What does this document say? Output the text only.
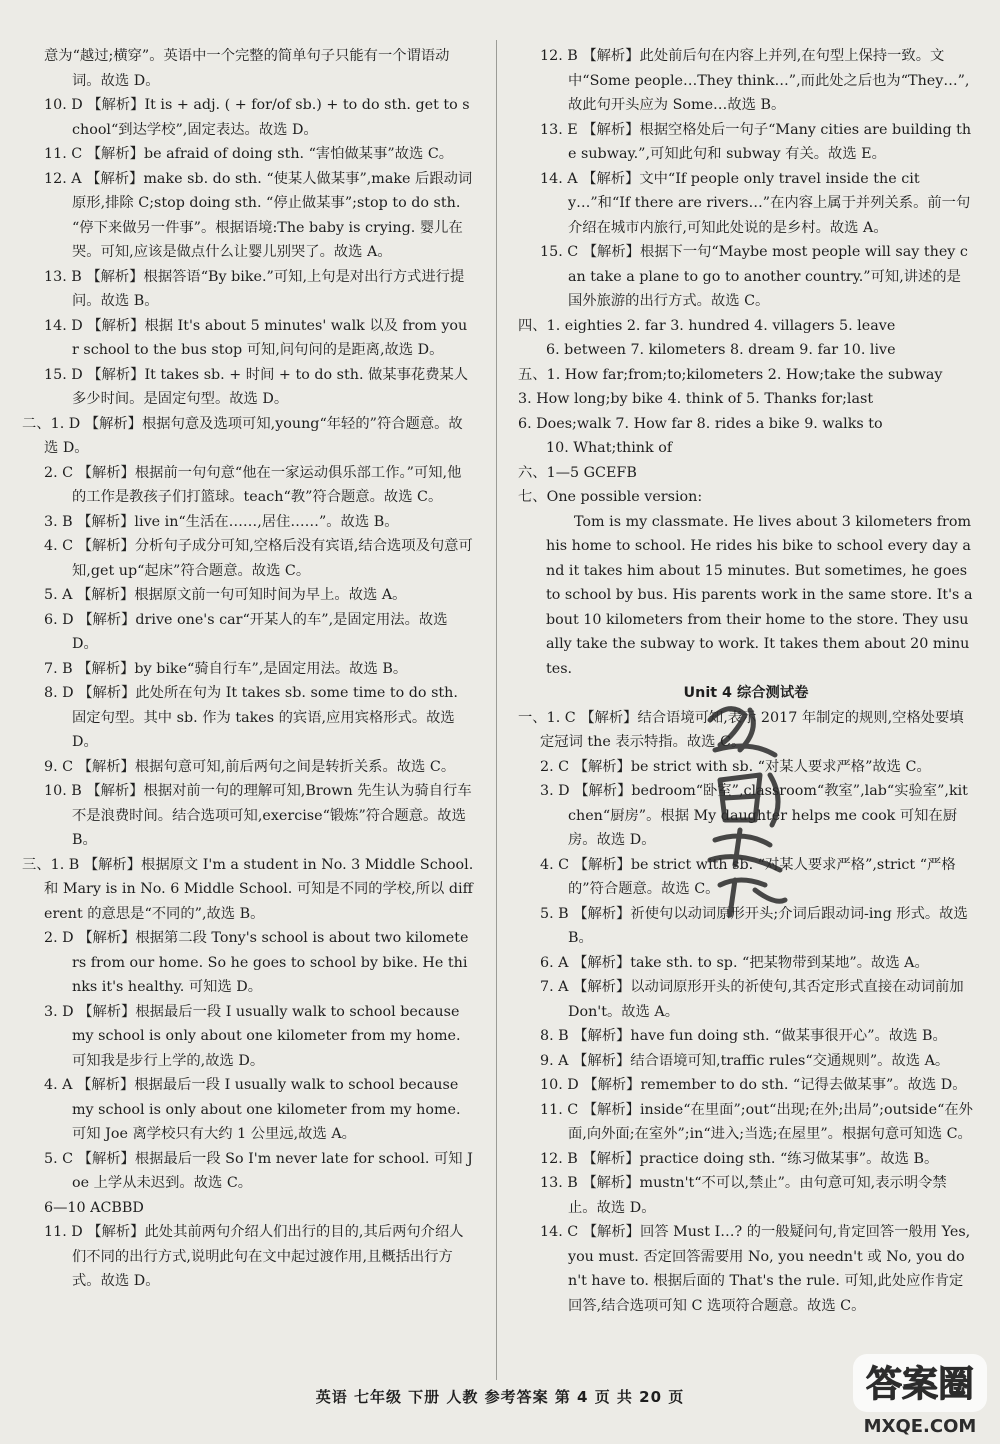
意为“越过;横穿”。英语中一个完整的简单句子只能有一个谓语动词。故选 D。

10. D 【解析】It is + adj. ( + for/of sb.) + to do sth. get to school“到达学校”,固定表达。故选 D。

11. C 【解析】be afraid of doing sth. “害怕做某事”故选 C。

12. A 【解析】make sb. do sth. “使某人做某事”,make 后跟动词原形,排除 C;stop doing sth. “停止做某事”;stop to do sth. “停下来做另一件事”。根据语境:The baby is crying. 婴儿在哭。可知,应该是做点什么让婴儿别哭了。故选 A。

13. B 【解析】根据答语“By bike.”可知,上句是对出行方式进行提问。故选 B。

14. D 【解析】根据 It's about 5 minutes' walk 以及 from your school to the bus stop 可知,问句问的是距离,故选 D。

15. D 【解析】It takes sb. + 时间 + to do sth. 做某事花费某人多少时间。是固定句型。故选 D。

二、1. D 【解析】根据句意及选项可知,young“年轻的”符合题意。故选 D。

2. C 【解析】根据前一句句意“他在一家运动俱乐部工作。”可知,他的工作是教孩子们打篮球。teach“教”符合题意。故选 C。

3. B 【解析】live in“生活在……,居住……”。故选 B。

4. C 【解析】分析句子成分可知,空格后没有宾语,结合选项及句意可知,get up“起床”符合题意。故选 C。

5. A 【解析】根据原文前一句可知时间为早上。故选 A。

6. D 【解析】drive one's car“开某人的车”,是固定用法。故选 D。

7. B 【解析】by bike“骑自行车”,是固定用法。故选 B。

8. D 【解析】此处所在句为 It takes sb. some time to do sth. 固定句型。其中 sb. 作为 takes 的宾语,应用宾格形式。故选 D。

9. C 【解析】根据句意可知,前后两句之间是转折关系。故选 C。

10. B 【解析】根据对前一句的理解可知,Brown 先生认为骑自行车不是浪费时间。结合选项可知,exercise“锻炼”符合题意。故选 B。

三、1. B 【解析】根据原文 I'm a student in No. 3 Middle School. 和 Mary is in No. 6 Middle School. 可知是不同的学校,所以 different 的意思是“不同的”,故选 B。

2. D 【解析】根据第二段 Tony's school is about two kilometers from our home. So he goes to school by bike. He thinks it's healthy. 可知选 D。

3. D 【解析】根据最后一段 I usually walk to school because my school is only about one kilometer from my home. 可知我是步行上学的,故选 D。

4. A 【解析】根据最后一段 I usually walk to school because my school is only about one kilometer from my home. 可知 Joe 离学校只有大约 1 公里远,故选 A。

5. C 【解析】根据最后一段 So I'm never late for school. 可知 Joe 上学从未迟到。故选 C。

6—10 ACBBD

11. D 【解析】此处其前两句介绍人们出行的目的,其后两句介绍人们不同的出行方式,说明此句在文中起过渡作用,且概括出行方式。故选 D。

12. B 【解析】此处前后句在内容上并列,在句型上保持一致。文中“Some people…They think…”,而此处之后也为“They…”,故此句开头应为 Some…故选 B。

13. E 【解析】根据空格处后一句子“Many cities are building the subway.”,可知此句和 subway 有关。故选 E。

14. A 【解析】文中“If people only travel inside the city…”和“If there are rivers…”在内容上属于并列关系。前一句介绍在城市内旅行,可知此处说的是乡村。故选 A。

15. C 【解析】根据下一句“Maybe most people will say they can take a plane to go to another country.”可知,讲述的是国外旅游的出行方式。故选 C。

四、1. eighties 2. far 3. hundred 4. villagers 5. leave

6. between 7. kilometers 8. dream 9. far 10. live

五、1. How far;from;to;kilometers 2. How;take the subway

3. How long;by bike 4. think of 5. Thanks for;last

6. Does;walk 7. How far 8. rides a bike 9. walks to

10. What;think of

六、1—5 GCEFB

七、One possible version:

Tom is my classmate. He lives about 3 kilometers from his home to school. He rides his bike to school every day and it takes him about 15 minutes. But sometimes, he goes to school by bus. His parents work in the same store. It's about 10 kilometers from their home to the store. They usually take the subway to work. It takes them about 20 minutes.

Unit 4 综合测试卷

一、1. C 【解析】结合语境可知,表示 2017 年制定的规则,空格处要填定冠词 the 表示特指。故选 C。

2. C 【解析】be strict with sb. “对某人要求严格”故选 C。

3. D 【解析】bedroom“卧室”,classroom“教室”,lab“实验室”,kitchen“厨房”。根据 My daughter helps me cook 可知在厨房。故选 D。

4. C 【解析】be strict with sb. “对某人要求严格”,strict “严格的”符合题意。故选 C。

5. B 【解析】祈使句以动词原形开头;介词后跟动词-ing 形式。故选 B。

6. A 【解析】take sth. to sp. “把某物带到某地”。故选 A。

7. A 【解析】以动词原形开头的祈使句,其否定形式直接在动词前加 Don't。故选 A。

8. B 【解析】have fun doing sth. “做某事很开心”。故选 B。

9. A 【解析】结合语境可知,traffic rules“交通规则”。故选 A。

10. D 【解析】remember to do sth. “记得去做某事”。故选 D。

11. C 【解析】inside“在里面”;out“出现;在外;出局”;outside“在外面,向外面;在室外”;in“进入;当选;在屋里”。根据句意可知选 C。

12. B 【解析】practice doing sth. “练习做某事”。故选 B。

13. B 【解析】mustn't“不可以,禁止”。由句意可知,表示明令禁止。故选 D。

14. C 【解析】回答 Must I…? 的一般疑问句,肯定回答一般用 Yes, you must. 否定回答需要用 No, you needn't 或 No, you don't have to. 根据后面的 That's the rule. 可知,此处应作肯定回答,结合选项可知 C 选项符合题意。故选 C。

英语 七年级 下册 人教 参考答案 第 4 页 共 20 页	答案圈
MXQE.COM
